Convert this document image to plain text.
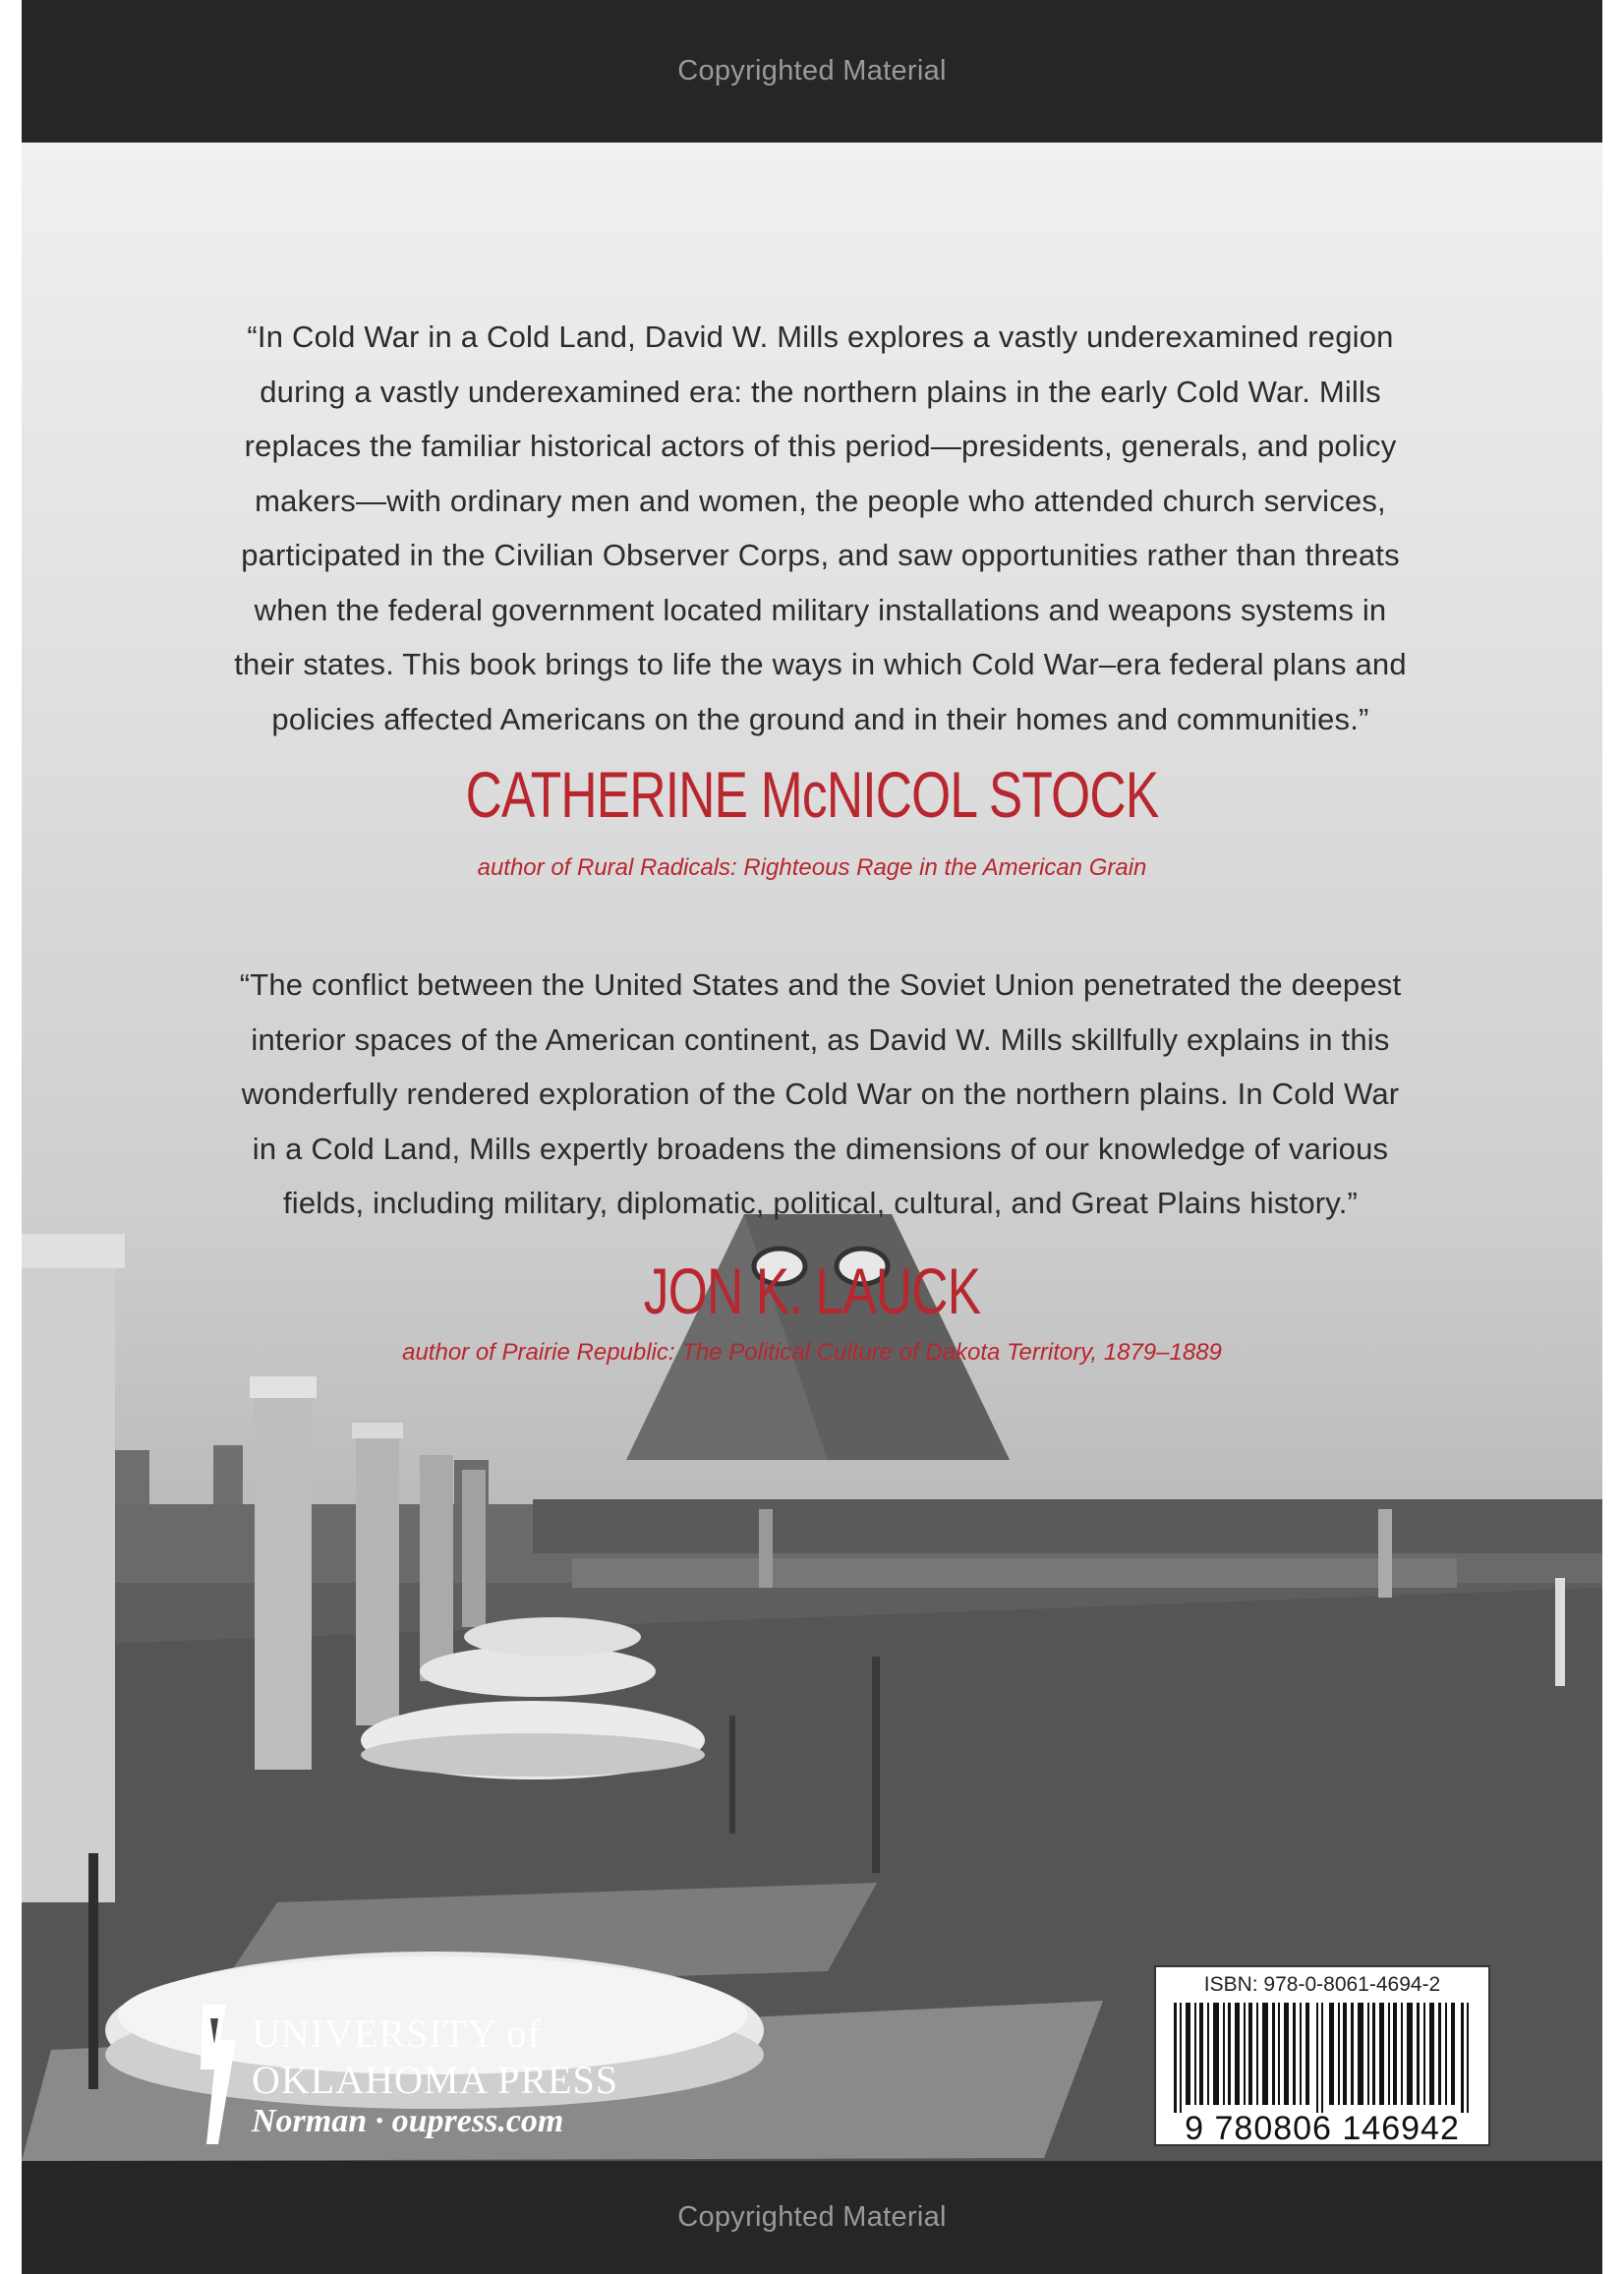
Copyrighted Material
“In Cold War in a Cold Land, David W. Mills explores a vastly underexamined region
during a vastly underexamined era: the northern plains in the early Cold War. Mills
replaces the familiar historical actors of this period—presidents, generals, and policy
makers—with ordinary men and women, the people who attended church services,
participated in the Civilian Observer Corps, and saw opportunities rather than threats
when the federal government located military installations and weapons systems in
their states. This book brings to life the ways in which Cold War–era federal plans and
policies affected Americans on the ground and in their homes and communities.”
CATHERINE McNICOL STOCK
author of Rural Radicals: Righteous Rage in the American Grain
“The conflict between the United States and the Soviet Union penetrated the deepest
interior spaces of the American continent, as David W. Mills skillfully explains in this
wonderfully rendered exploration of the Cold War on the northern plains. In Cold War
in a Cold Land, Mills expertly broadens the dimensions of our knowledge of various
fields, including military, diplomatic, political, cultural, and Great Plains history.”
JON K. LAUCK
author of Prairie Republic: The Political Culture of Dakota Territory, 1879–1889
UNIVERSITY of
OKLAHOMA PRESS
Norman · oupress.com
ISBN: 978-0-8061-4694-2
9 780806 146942
Copyrighted Material
